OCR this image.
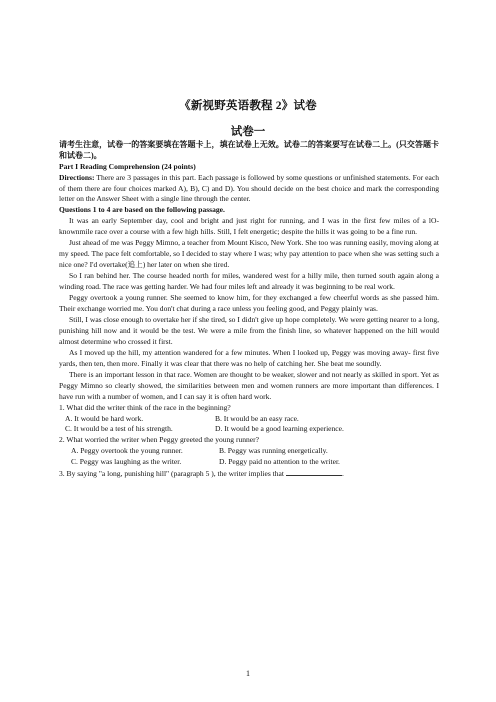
《新视野英语教程 2》试卷
试卷一

请考生注意，试卷一的答案要填在答题卡上，填在试卷上无效。试卷二的答案要写在试卷二上。(只交答题卡和试卷二)。

Part I Reading Comprehension (24 points)

Directions: There are 3 passages in this part. Each passage is followed by some questions or unfinished statements. For each of them there are four choices marked A), B), C) and D). You should decide on the best choice and mark the corresponding letter on the Answer Sheet with a single line through the center.

Questions 1 to 4 are based on the following passage.

It was an early September day, cool and bright and just right for running, and I was in the first few miles of a lO-knownmile race over a course with a few high hills. Still, I felt energetic; despite the hills it was going to be a fine run.

Just ahead of me was Peggy Mimno, a teacher from Mount Kisco, New York. She too was running easily, moving along at my speed. The pace felt comfortable, so I decided to stay where I was; why pay attention to pace when she was setting such a nice one? I'd overtake(追上) her later on when she tired.

So I ran behind her. The course headed north for miles, wandered west for a hilly mile, then turned south again along a winding road. The race was getting harder. We had four miles left and already it was beginning to be real work.

Peggy overtook a young runner. She seemed to know him, for they exchanged a few cheerful words as she passed him. Their exchange worried me. You don't chat during a race unless you feeling good, and Peggy plainly was.

Still, I was close enough to overtake her if she tired, so I didn't give up hope completely. We were getting nearer to a long, punishing hill now and it would be the test. We were a mile from the finish line, so whatever happened on the hill would almost determine who crossed it first.

As I moved up the hill, my attention wandered for a few minutes. When I looked up, Peggy was moving away- first five yards, then ten, then more. Finally it was clear that there was no help of catching her. She beat me soundly.

There is an important lesson in that race. Women are thought to be weaker, slower and not nearly as skilled in sport. Yet as Peggy Mimno so clearly showed, the similarities between men and women runners are more important than differences. I have run with a number of women, and I can say it is often hard work.

1. What did the writer think of the race in the beginning?

A. It would be hard work.	B. It would be an easy race.
C. It would be a test of his strength.	D. It would be a good learning experience.

2. What worried the writer when Peggy greeted the young runner?

A. Peggy overtook the young runner.	B. Peggy was running energetically.
C. Peggy was laughing as the writer.	D. Peggy paid no attention to the writer.

3. By saying "a long, punishing hill" (paragraph 5 ), the writer implies that	.

1
